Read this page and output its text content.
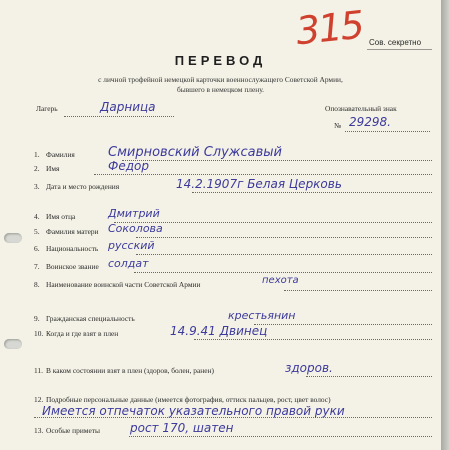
315 Сов. секретно
ПЕРЕВОД
с личной трофейной немецкой карточки военнослужащего Советской Армии,
бывшего в немецком плену.
Лагерь	Дарница	Опознавательный знак
№ 29298.
1. Фамилия	Смирновский Служсавый
2. Имя	Федор
3. Дата и место рождения	14.2.1907г Белая Церковь
4. Имя отца	Дмитрий
5. Фамилия матери Соколова
6. Национальность русский
7. Воинское звание солдат
8. Наименование воинской части Советской Армии	пехота
9. Гражданская специальность	крестьянин
10. Когда и где взят в плен	14.9.41 Двинец
11. В каком состоянии взят в плен (здоров, болен, ранен)	здоров.
12. Подробные персональные данные (имеется фотография, оттиск пальцев, рост, цвет волос)
Имеется отпечаток указательного правой руки
13. Особые приметы	рост 170, шатен
